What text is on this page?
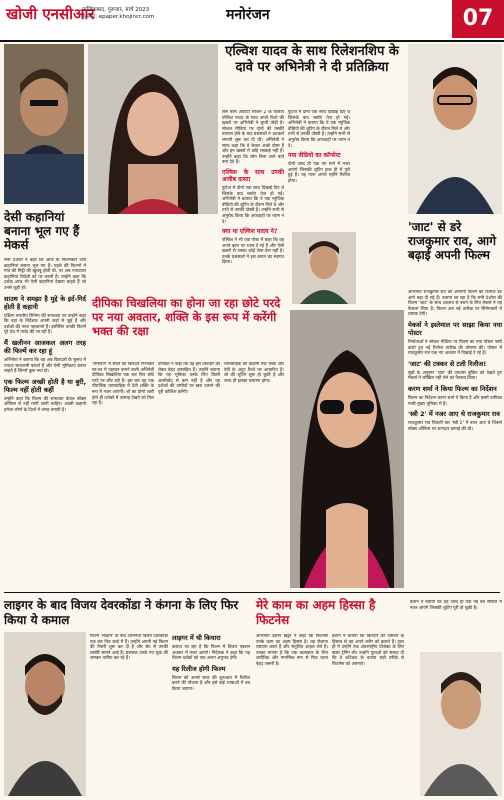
खोजी एनसीआर
गाजियाबाद, गुरूवार, मार्च 2023
ई-पेपर: epaper.khojincr.com	मनोरंजन	07
एल्विश यादव के साथ रिलेशनशिप के दावे पर अभिनेत्री ने दी प्रतिक्रिया
बिग बॉस ओटीटी सीजन 2 के विजेता एल्विश यादव के साथ अपने रिश्ते की खबरों पर अभिनेत्री ने चुप्पी तोड़ी है। सोशल मीडिया पर दोनों की तस्वीरें वायरल होने के बाद प्रशंसकों ने अटकलें लगानी शुरू कर दी थीं। अभिनेत्री ने साफ कहा कि वे केवल अच्छे दोस्त हैं और इन खबरों में कोई सच्चाई नहीं है। उन्होंने कहा कि लोग बिना जाने बातें बना देते हैं।
एल्विश के साथ उनकी अजीब दास्ता
फुटेज में दोनों एक साथ दिखाई दिए थे जिसके बाद चर्चाएं तेज हो गईं। अभिनेत्री ने बताया कि वे एक म्यूजिक वीडियो की शूटिंग के दौरान मिले थे और तभी से उनकी दोस्ती है। उन्होंने सभी से अनुरोध किया कि अफवाहों पर ध्यान न दें।
क्या था एल्विश यादव ने?
एल्विश ने भी एक पोस्ट में कहा कि वह अपने काम पर ध्यान दे रहे हैं और ऐसी खबरों से उनका कोई लेना-देना नहीं है। उनके प्रशंसकों ने इस बयान का स्वागत किया।
फुटेज में दोनों एक साथ दिखाई दिए थे जिसके बाद चर्चाएं तेज हो गईं। अभिनेत्री ने बताया कि वे एक म्यूजिक वीडियो की शूटिंग के दौरान मिले थे और तभी से उनकी दोस्ती है। उन्होंने सभी से अनुरोध किया कि अफवाहों पर ध्यान न दें।
नया वीडियो का कॉन्सेप्ट
दोनों जल्द ही एक नए गाने में नजर आएंगे जिसकी शूटिंग हाल ही में पूरी हुई है। यह गाना अगले महीने रिलीज होगा।
देसी कहानियां बनाना भूल गए हैं मेकर्स
सनी देओल ने कहा कि आज के फिल्मकार देसी कहानियां बनाना भूल गए हैं। पहले की फिल्मों में गांव की मिट्टी की खुशबू होती थी, पर अब ज्यादातर कहानियां विदेशी ढर्रे पर बनती हैं। उन्होंने कहा कि दर्शक आज भी ऐसी कहानियां देखना चाहते हैं जो उनसे जुड़ी हों।
साउथ ने समझा है मुद्दे के इर्द-गिर्द होती है कहानी
दक्षिण भारतीय सिनेमा की सफलता पर उन्होंने कहा कि वहां के निर्देशक अपनी जड़ों से जुड़े हैं और दर्शकों की नब्ज पहचानते हैं। इसीलिए उनकी फिल्में पूरे देश में पसंद की जा रही हैं।
मैं खलीनन आजकल अलग तरह की फिल्में कर रहा हूं
अभिनेता ने बताया कि वह अब किरदारों के चुनाव में ज्यादा सावधानी बरतते हैं और ऐसी भूमिकाएं करना चाहते हैं जिनमें कुछ नया हो।
एक फिल्म अच्छी होती है या बुरी, फिल्म नहीं होती कहीं
उन्होंने कहा कि फिल्म की सफलता केवल बॉक्स ऑफिस से नहीं मापी जानी चाहिए। अच्छी कहानी हमेशा लोगों के दिलों में जगह बनाती है।
'जाट' से डरे राजकुमार राव, आगे बढ़ाई अपनी फिल्म
अभिनेता राजकुमार राव की आगामी फिल्म की रिलीज डेट आगे बढ़ा दी गई है। बताया जा रहा है कि सनी देओल की फिल्म 'जाट' के साथ टकराव से बचने के लिए मेकर्स ने यह फैसला लिया है। फिल्म अब नई तारीख पर सिनेमाघरों में दस्तक देगी।
मेकर्स ने इस्तेमाल पर साझा किया नया पोस्टर
निर्माताओं ने सोशल मीडिया पर फिल्म का नया पोस्टर जारी करते हुए नई रिलीज तारीख की घोषणा की। पोस्टर में राजकुमार राव एक नए अवतार में दिखाई दे रहे हैं।
'जाट' की टक्कर से टली रिलीज!
सूत्रों के अनुसार 'जाट' की एडवांस बुकिंग को देखते हुए मेकर्स ने जोखिम नहीं लेने का फैसला किया।
करण शर्मा ने किया फिल्म का निर्देशन
फिल्म का निर्देशन करण शर्मा ने किया है और इसमें वामिका गब्बी मुख्य भूमिका में हैं।
'स्त्री 2' में नजर आए थे राजकुमार राव
राजकुमार राव पिछली बार 'स्त्री 2' में नजर आए थे जिसने बॉक्स ऑफिस पर शानदार कमाई की थी।
दीपिका चिखलिया का होना जा रहा छोटे परदे पर नया अवतार, शक्ति के इस रूप में करेंगी भक्त की रक्षा
'रामायण' में सीता का किरदार निभाकर घर-घर में पहचान बनाने वाली अभिनेत्री दीपिका चिखलिया एक बार फिर छोटे परदे पर लौट रही हैं। इस बार वह एक पौराणिक धारावाहिक में देवी शक्ति के रूप में नजर आएंगी। शो का प्रोमो जारी होते ही दर्शकों में उत्साह देखने को मिल रहा है।
दीपिका ने कहा कि वह इस किरदार को लेकर बेहद उत्साहित हैं। उन्होंने बताया कि यह भूमिका उनके लिए किसी आशीर्वाद से कम नहीं है और वह दर्शकों की उम्मीदों पर खरा उतरने की पूरी कोशिश करेंगी।
धारावाहिक की कहानी एक भक्त और देवी के अटूट रिश्ते पर आधारित है। शो की शूटिंग शुरू हो चुकी है और जल्द ही इसका प्रसारण होगा।
लाइगर के बाद विजय देवरकोंडा ने कंगना के लिए फिर किया ये कमाल
फिल्म 'लाइगर' के बाद अभिनेता विजय देवरकोंडा एक बार फिर चर्चा में हैं। उन्होंने अपनी नई फिल्म की तैयारी शुरू कर दी है और सेट से उनकी तस्वीरें सामने आई हैं। प्रशंसक उनके नए लुक की जमकर तारीफ कर रहे हैं।
लाइगर में थी कियारा
बताया जा रहा है कि फिल्म में विजय एक्शन अवतार में नजर आएंगे। निर्देशक ने कहा कि यह फिल्म दर्शकों को एक अलग अनुभव देगी।
यह रिलीज होगी फिल्म
फिल्म को अगले साल की शुरुआत में रिलीज करने की योजना है और इसे कई भाषाओं में डब किया जाएगा।
मेरे काम का अहम हिस्सा है फिटनेस
अभिनेता ईशान खट्टर ने कहा कि फिटनेस उनके काम का अहम हिस्सा है। वह रोजाना व्यायाम करते हैं और संतुलित आहार लेते हैं। उनका मानना है कि एक कलाकार के लिए शारीरिक और मानसिक रूप से फिट रहना बेहद जरूरी है।
ईशान ने बताया कि किरदार की जरूरत के हिसाब से वह अपने शरीर को ढालते हैं। हाल ही में उन्होंने एक अंतरराष्ट्रीय प्रोजेक्ट के लिए खास ट्रेनिंग ली। उन्होंने युवाओं को सलाह दी कि वे शॉर्टकट के बजाय सही तरीके से फिटनेस को अपनाएं।
ईशान ने बताया कि वह जल्द ही एक नई वेब सीरीज में नजर आएंगे जिसकी शूटिंग पूरी हो चुकी है।
